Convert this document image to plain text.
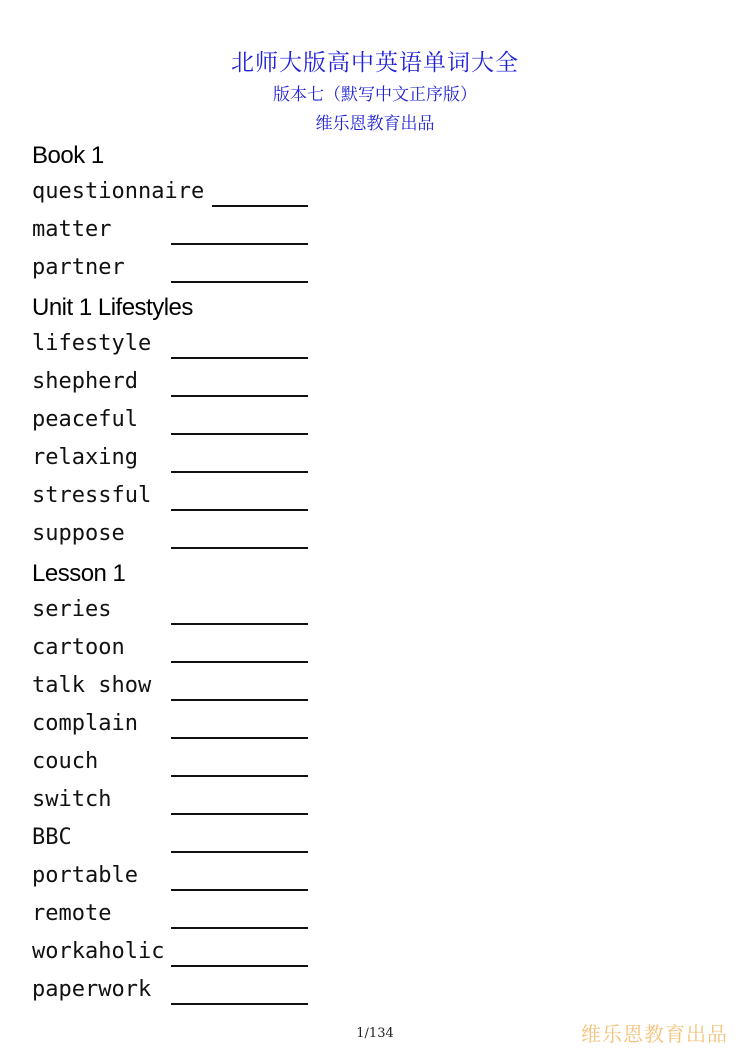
北师大版高中英语单词大全
版本七（默写中文正序版）
维乐恩教育出品
Book 1
questionnaire
matter
partner
Unit 1 Lifestyles
lifestyle
shepherd
peaceful
relaxing
stressful
suppose
Lesson 1
series
cartoon
talk show
complain
couch
switch
BBC
portable
remote
workaholic
paperwork
1/134	维乐恩教育出品
